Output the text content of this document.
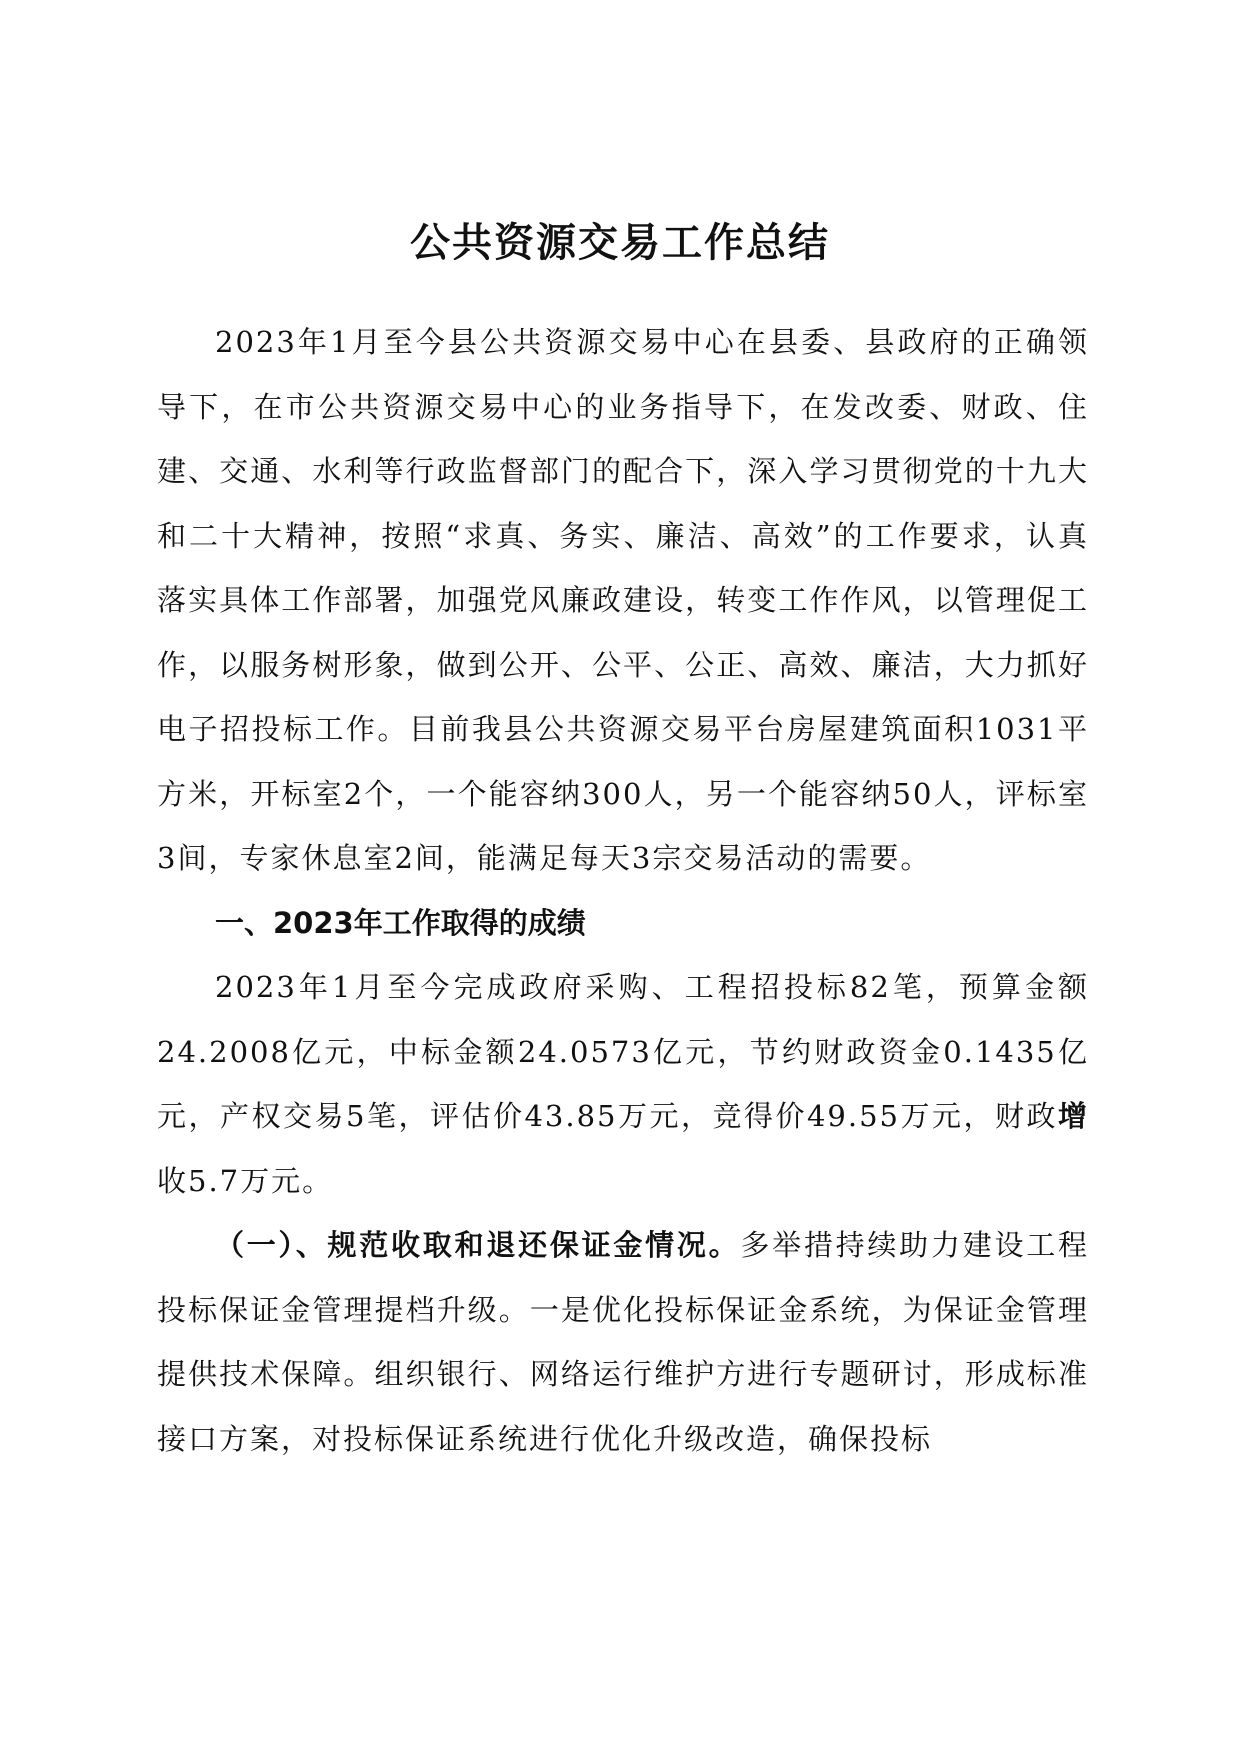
公共资源交易工作总结

2023年1月至今县公共资源交易中心在县委、县政府的正确领导下，在市公共资源交易中心的业务指导下，在发改委、财政、住建、交通、水利等行政监督部门的配合下，深入学习贯彻党的十九大和二十大精神，按照“求真、务实、廉洁、高效”的工作要求，认真落实具体工作部署，加强党风廉政建设，转变工作作风，以管理促工作，以服务树形象，做到公开、公平、公正、高效、廉洁，大力抓好电子招投标工作。目前我县公共资源交易平台房屋建筑面积1031平方米，开标室2个，一个能容纳300人，另一个能容纳50人，评标室3间，专家休息室2间，能满足每天3宗交易活动的需要。

一、2023年工作取得的成绩

2023年1月至今完成政府采购、工程招投标82笔，预算金额24.2008亿元，中标金额24.0573亿元，节约财政资金0.1435亿元，产权交易5笔，评估价43.85万元，竞得价49.55万元，财政增收5.7万元。

（一）、规范收取和退还保证金情况。多举措持续助力建设工程投标保证金管理提档升级。一是优化投标保证金系统，为保证金管理提供技术保障。组织银行、网络运行维护方进行专题研讨，形成标准接口方案，对投标保证系统进行优化升级改造，确保投标
